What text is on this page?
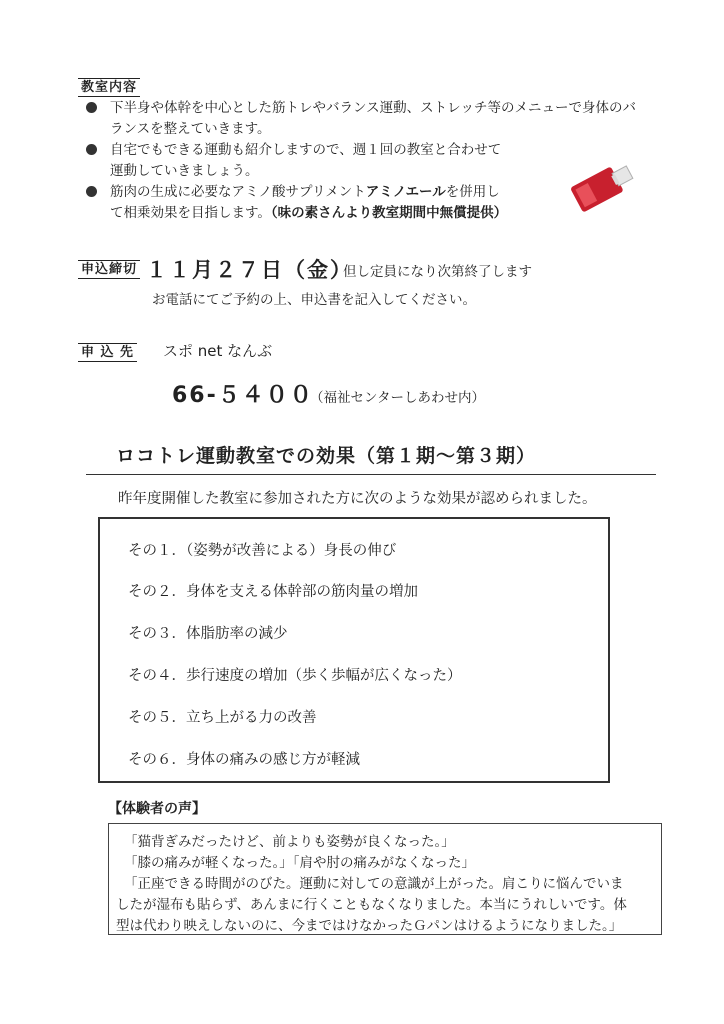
教室内容
下半身や体幹を中心とした筋トレやバランス運動、ストレッチ等のメニューで身体のバ
ランスを整えていきます。
自宅でもできる運動も紹介しますので、週１回の教室と合わせて
運動していきましょう。
筋肉の生成に必要なアミノ酸サプリメントアミノエールを併用し
て相乗効果を目指します。（味の素さんより教室期間中無償提供）
申込締切 １１月２７日（金）
但し定員になり次第終了します
お電話にてご予約の上、申込書を記入してください。
申 込 先 スポ net なんぶ
66-５４００
（福祉センターしあわせ内）
ロコトレ運動教室での効果（第１期～第３期）
昨年度開催した教室に参加された方に次のような効果が認められました。
その１．（姿勢が改善による）身長の伸び
その２．身体を支える体幹部の筋肉量の増加
その３．体脂肪率の減少
その４．歩行速度の増加（歩く歩幅が広くなった）
その５．立ち上がる力の改善
その６．身体の痛みの感じ方が軽減
【体験者の声】
「猫背ぎみだったけど、前よりも姿勢が良くなった。」
「膝の痛みが軽くなった。」「肩や肘の痛みがなくなった」
「正座できる時間がのびた。運動に対しての意識が上がった。肩こりに悩んでいま
したが湿布も貼らず、あんまに行くこともなくなりました。本当にうれしいです。体
型は代わり映えしないのに、今まではけなかったＧパンはけるようになりました。」
